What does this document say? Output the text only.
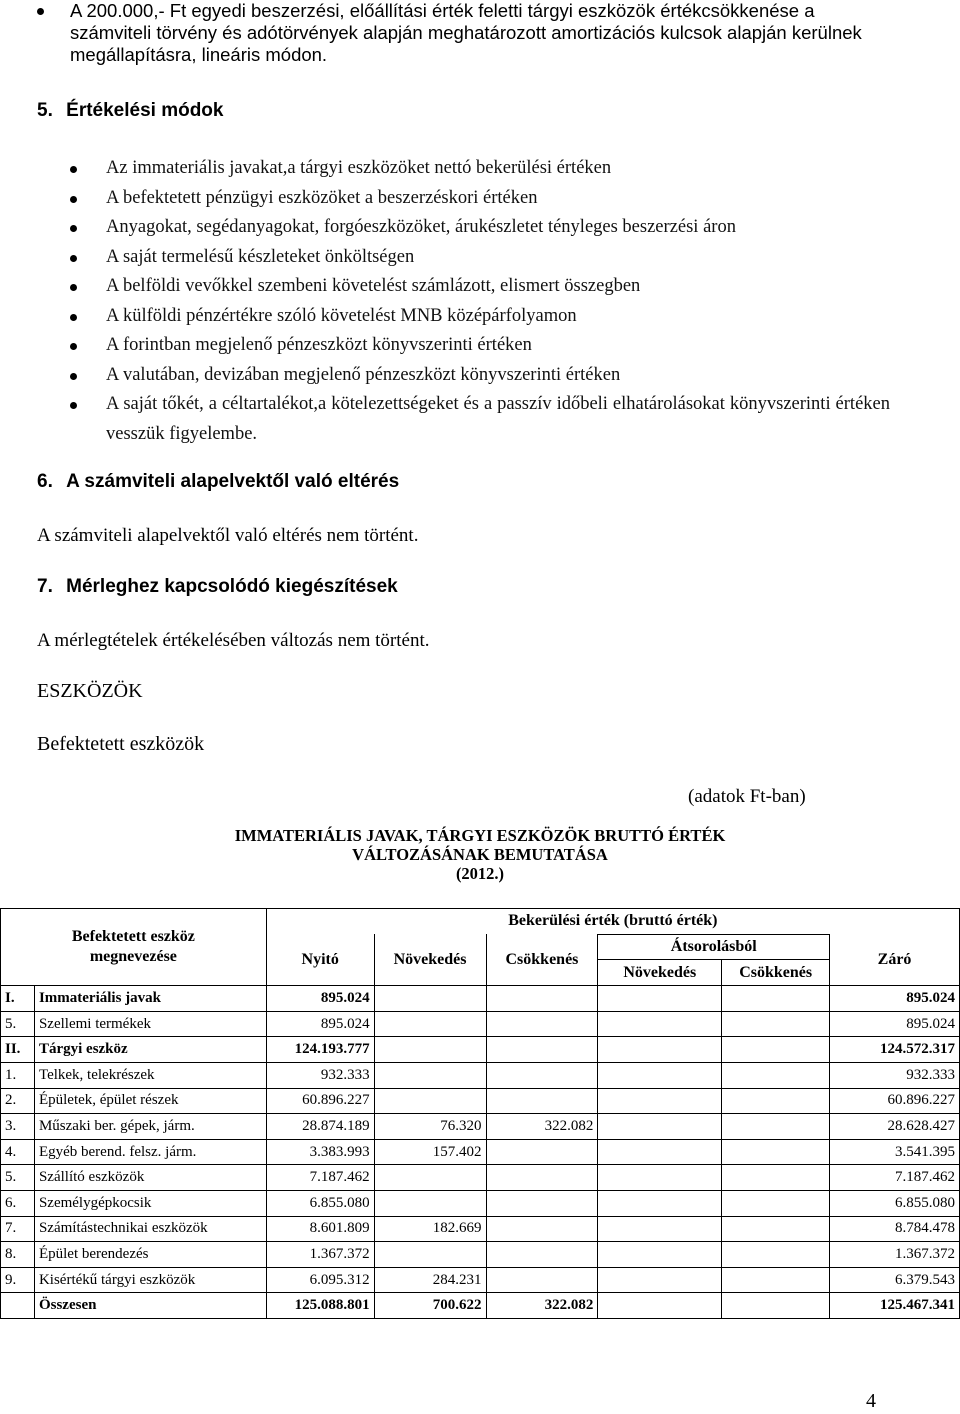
A 200.000,- Ft egyedi beszerzési, előállítási érték feletti tárgyi eszközök értékcsökkenése a számviteli törvény és adótörvények alapján meghatározott amortizációs kulcsok alapján kerülnek megállapításra, lineáris módon.
5. Értékelési módok
Az immateriális javakat,a tárgyi eszközöket nettó bekerülési értéken
A befektetett pénzügyi eszközöket a beszerzéskori értéken
Anyagokat, segédanyagokat, forgóeszközöket, árukészletet tényleges beszerzési áron
A saját termelésű készleteket önköltségen
A belföldi vevőkkel szembeni követelést számlázott, elismert összegben
A külföldi pénzértékre szóló követelést MNB középárfolyamon
A forintban megjelenő pénzeszközt könyvszerinti értéken
A valutában, devizában megjelenő pénzeszközt könyvszerinti értéken
A saját tőkét, a céltartalékot,a kötelezettségeket és a passzív időbeli elhatárolásokat könyvszerinti értéken vesszük figyelembe.
6. A számviteli alapelvektől való eltérés
A számviteli alapelvektől való eltérés nem történt.
7. Mérleghez kapcsolódó kiegészítések
A mérlegtételek értékelésében változás nem történt.
ESZKÖZÖK
Befektetett eszközök
(adatok Ft-ban)
IMMATERIÁLIS JAVAK, TÁRGYI ESZKÖZÖK BRUTTÓ ÉRTÉK
VÁLTOZÁSÁNAK BEMUTATÁSA
(2012.)
Befektetett eszköz megnevezése		Bekerülési érték (bruttó érték)					
		Nyitó	Növekedés	Csökkenés	Átsorolásból		Záró
					Növekedés	Csökkenés	
I.	Immateriális javak	895.024					895.024
5.	Szellemi termékek	895.024					895.024
II.	Tárgyi eszköz	124.193.777					124.572.317
1.	Telkek, telekrészek	932.333					932.333
2.	Épületek, épület részek	60.896.227					60.896.227
3.	Műszaki ber. gépek, járm.	28.874.189	76.320	322.082			28.628.427
4.	Egyéb berend. felsz. járm.	3.383.993	157.402				3.541.395
5.	Szállító eszközök	7.187.462					7.187.462
6.	Személygépkocsik	6.855.080					6.855.080
7.	Számítástechnikai eszközök	8.601.809	182.669				8.784.478
8.	Épület berendezés	1.367.372					1.367.372
9.	Kisértékű tárgyi eszközök	6.095.312	284.231				6.379.543
	Összesen	125.088.801	700.622	322.082			125.467.341
4
